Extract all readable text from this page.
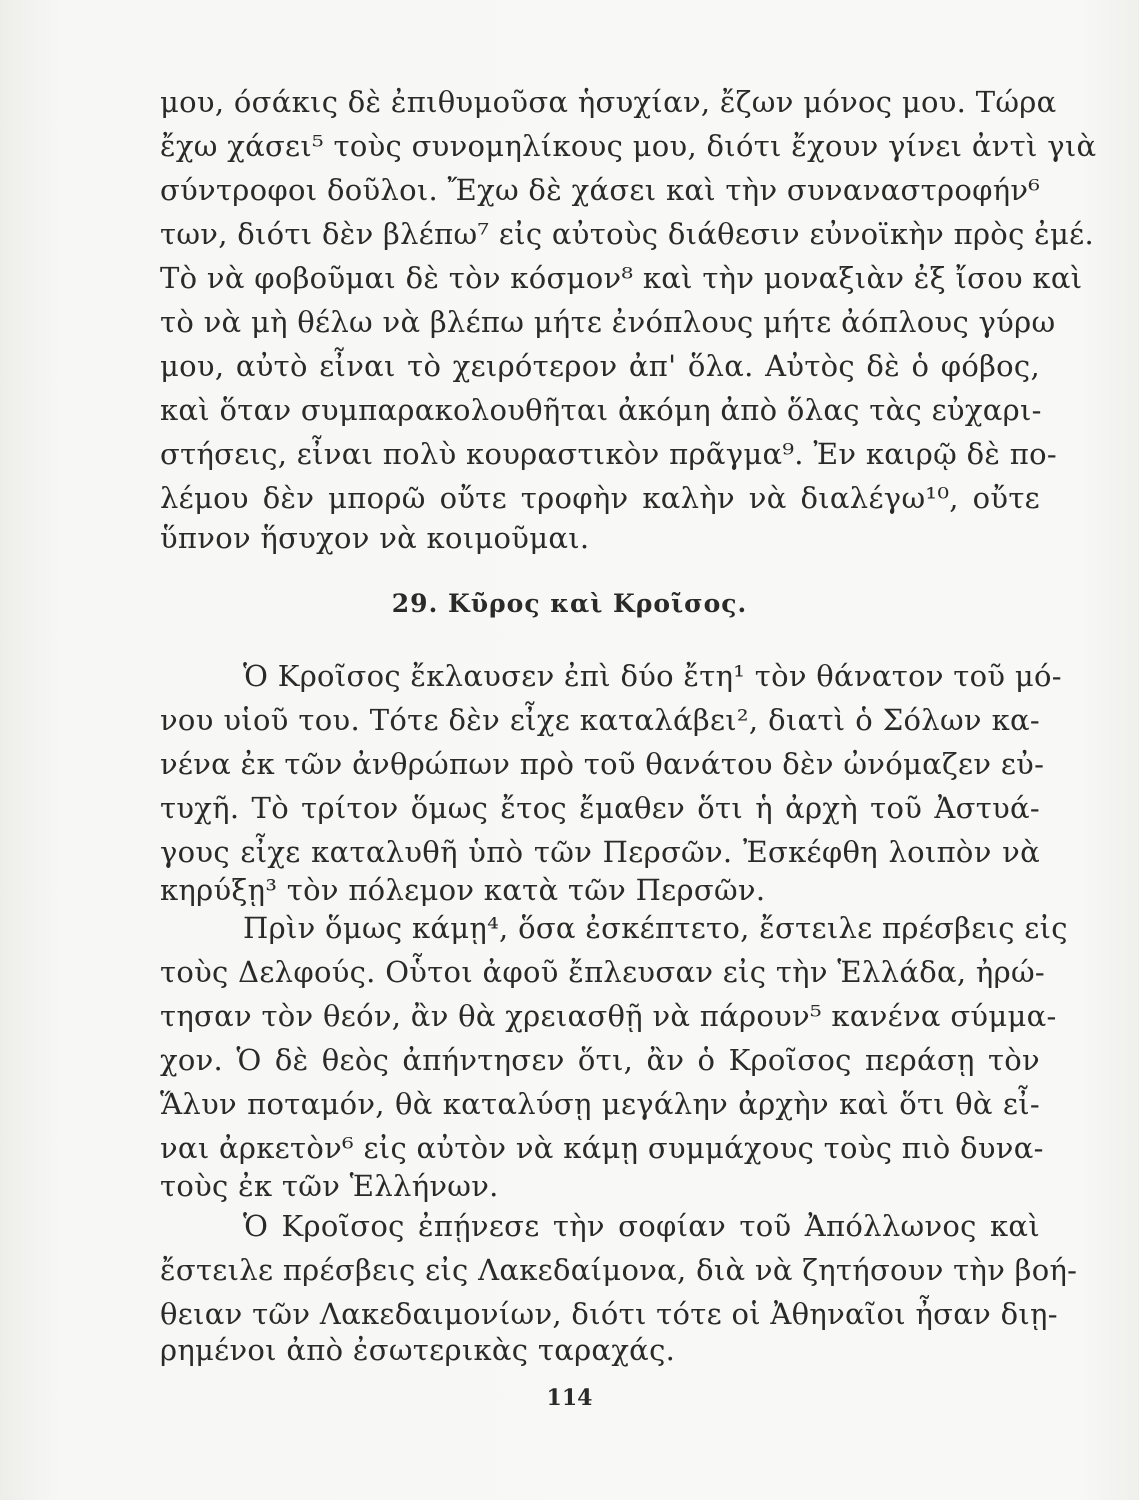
μου, όσάκις δὲ ἐπιθυμοῦσα ἡσυχίαν, ἔζων μόνος μου. Τώρα
ἔχω χάσει⁵ τοὺς συνομηλίκους μου, διότι ἔχουν γίνει ἀντὶ γιὰ
σύντροφοι δοῦλοι. Ἔχω δὲ χάσει καὶ τὴν συναναστροφήν⁶
των, διότι δὲν βλέπω⁷ εἰς αὐτοὺς διάθεσιν εὐνοϊκὴν πρὸς ἐμέ.
Τὸ νὰ φοβοῦμαι δὲ τὸν κόσμον⁸ καὶ τὴν μοναξιὰν ἐξ ἴσου καὶ
τὸ νὰ μὴ θέλω νὰ βλέπω μήτε ἐνόπλους μήτε ἀόπλους γύρω
μου, αὐτὸ εἶναι τὸ χειρότερον ἀπ' ὅλα. Αὐτὸς δὲ ὁ φόβος,
καὶ ὅταν συμπαρακολουθῆται ἀκόμη ἀπὸ ὅλας τὰς εὐχαρι-
στήσεις, εἶναι πολὺ κουραστικὸν πρᾶγμα⁹. Ἐν καιρῷ δὲ πο-
λέμου δὲν μπορῶ οὔτε τροφὴν καλὴν νὰ διαλέγω¹⁰, οὔτε
ὕπνον ἥσυχον νὰ κοιμοῦμαι.
29. Κῦρος καὶ Κροῖσος.
Ὁ Κροῖσος ἔκλαυσεν ἐπὶ δύο ἔτη¹ τὸν θάνατον τοῦ μό-
νου υἱοῦ του. Τότε δὲν εἶχε καταλάβει², διατὶ ὁ Σόλων κα-
νένα ἐκ τῶν ἀνθρώπων πρὸ τοῦ θανάτου δὲν ὠνόμαζεν εὐ-
τυχῆ. Τὸ τρίτον ὅμως ἔτος ἔμαθεν ὅτι ἡ ἀρχὴ τοῦ Ἀστυά-
γους εἶχε καταλυθῆ ὑπὸ τῶν Περσῶν. Ἐσκέφθη λοιπὸν νὰ
κηρύξῃ³ τὸν πόλεμον κατὰ τῶν Περσῶν.
Πρὶν ὅμως κάμῃ⁴, ὅσα ἐσκέπτετο, ἔστειλε πρέσβεις εἰς
τοὺς Δελφούς. Οὗτοι ἀφοῦ ἔπλευσαν εἰς τὴν Ἑλλάδα, ἠρώ-
τησαν τὸν θεόν, ἂν θὰ χρειασθῇ νὰ πάρουν⁵ κανένα σύμμα-
χον. Ὁ δὲ θεὸς ἀπήντησεν ὅτι, ἂν ὁ Κροῖσος περάσῃ τὸν
Ἅλυν ποταμόν, θὰ καταλύσῃ μεγάλην ἀρχὴν καὶ ὅτι θὰ εἶ-
ναι ἀρκετὸν⁶ εἰς αὐτὸν νὰ κάμῃ συμμάχους τοὺς πιὸ δυνα-
τοὺς ἐκ τῶν Ἑλλήνων.
Ὁ Κροῖσος ἐπῄνεσε τὴν σοφίαν τοῦ Ἀπόλλωνος καὶ
ἔστειλε πρέσβεις εἰς Λακεδαίμονα, διὰ νὰ ζητήσουν τὴν βοή-
θειαν τῶν Λακεδαιμονίων, διότι τότε οἱ Ἀθηναῖοι ἦσαν διῃ-
ρημένοι ἀπὸ ἐσωτερικὰς ταραχάς.
114
